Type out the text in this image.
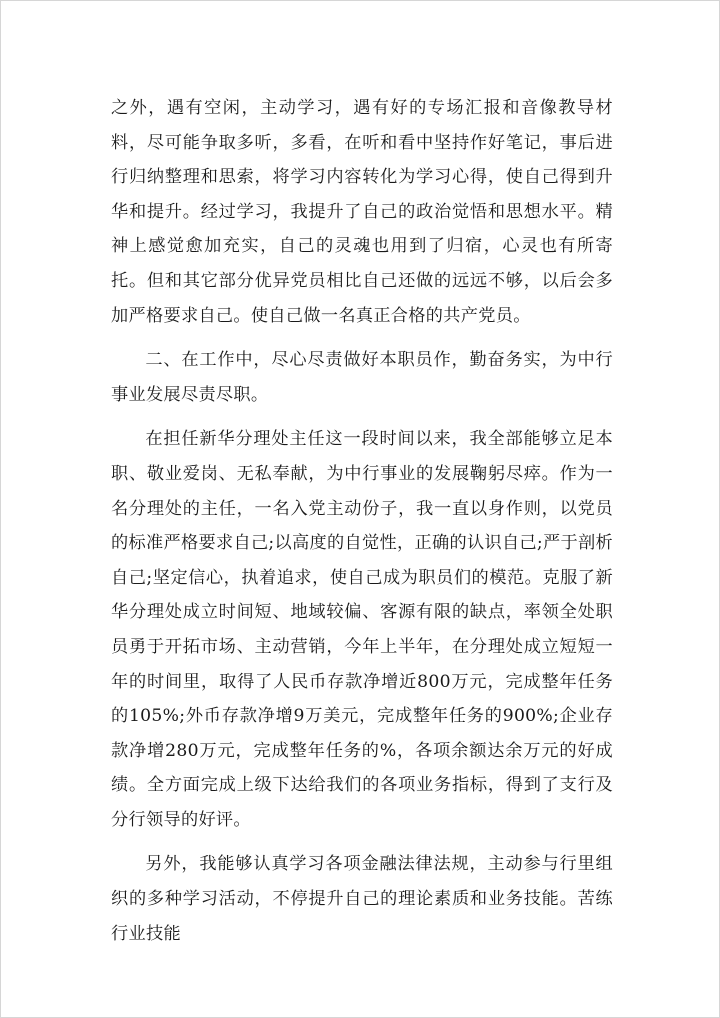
之外，遇有空闲，主动学习，遇有好的专场汇报和音像教导材料，尽可能争取多听，多看，在听和看中坚持作好笔记，事后进行归纳整理和思索，将学习内容转化为学习心得，使自己得到升华和提升。经过学习，我提升了自己的政治觉悟和思想水平。精神上感觉愈加充实，自己的灵魂也用到了归宿，心灵也有所寄托。但和其它部分优异党员相比自己还做的远远不够，以后会多加严格要求自己。使自己做一名真正合格的共产党员。

二、在工作中，尽心尽责做好本职员作，勤奋务实，为中行事业发展尽责尽职。

在担任新华分理处主任这一段时间以来，我全部能够立足本职、敬业爱岗、无私奉献，为中行事业的发展鞠躬尽瘁。作为一名分理处的主任，一名入党主动份子，我一直以身作则，以党员的标准严格要求自己;以高度的自觉性，正确的认识自己;严于剖析自己;坚定信心，执着追求，使自己成为职员们的模范。克服了新华分理处成立时间短、地域较偏、客源有限的缺点，率领全处职员勇于开拓市场、主动营销，今年上半年，在分理处成立短短一年的时间里，取得了人民币存款净增近800万元，完成整年任务的105%;外币存款净增9万美元，完成整年任务的900%;企业存款净增280万元，完成整年任务的%，各项余额达余万元的好成绩。全方面完成上级下达给我们的各项业务指标，得到了支行及分行领导的好评。

另外，我能够认真学习各项金融法律法规，主动参与行里组织的多种学习活动，不停提升自己的理论素质和业务技能。苦练行业技能
